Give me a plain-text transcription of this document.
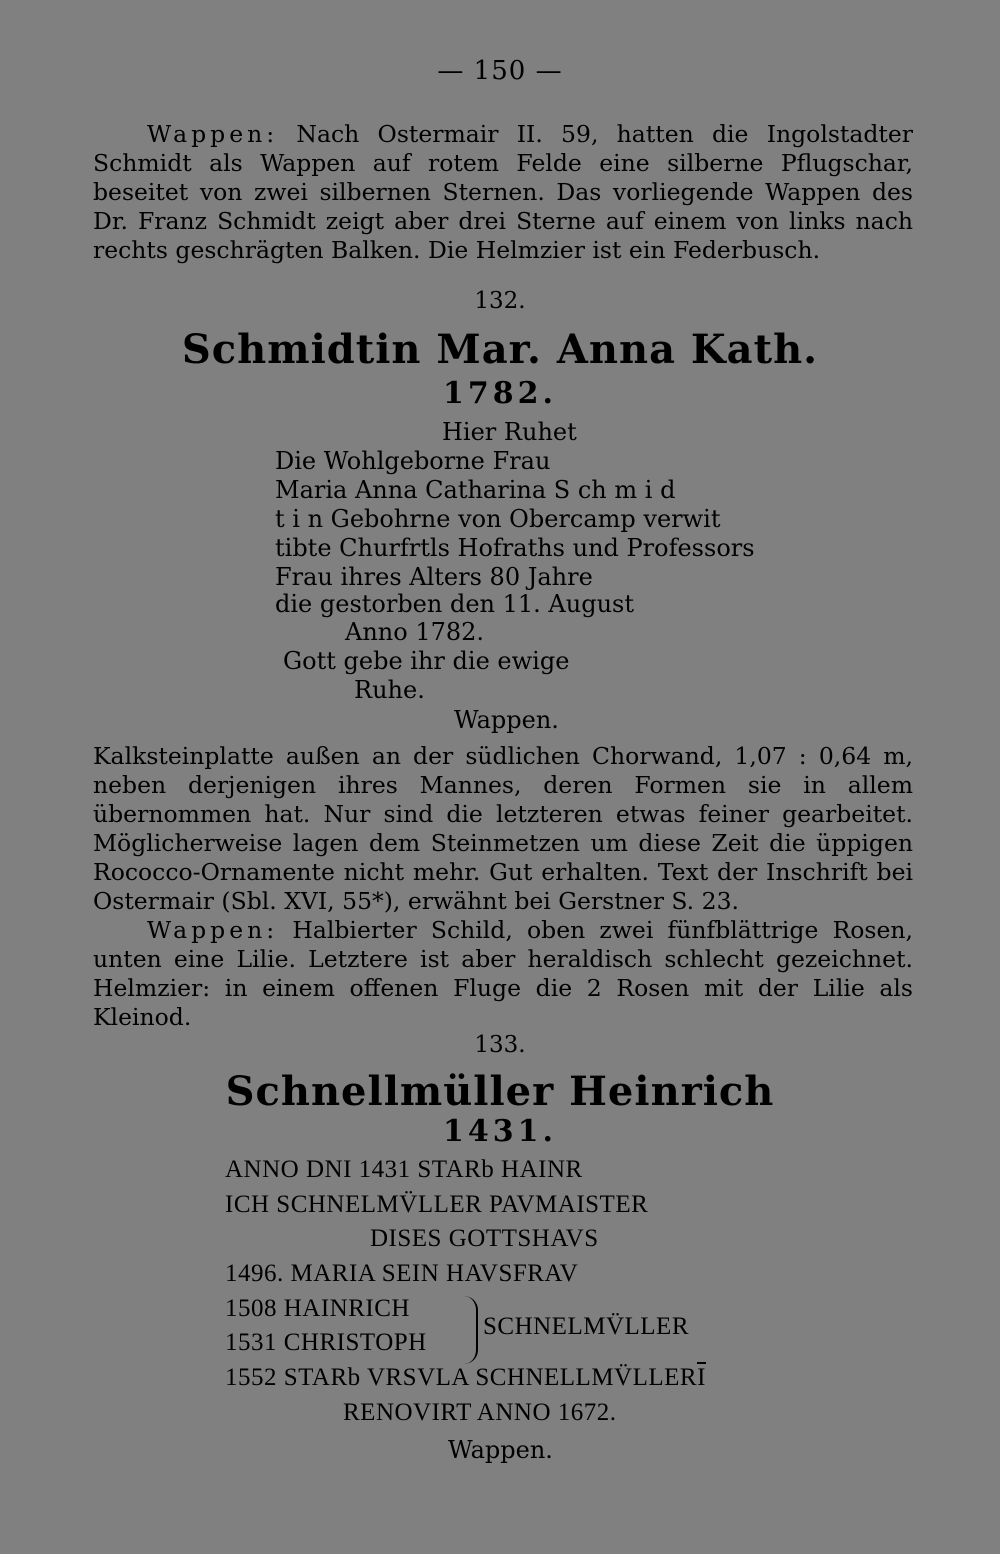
— 150 —

Wappen: Nach Ostermair II. 59, hatten die Ingolstadter Schmidt als Wappen auf rotem Felde eine silberne Pflugschar, beseitet von zwei silbernen Sternen. Das vorliegende Wappen des Dr. Franz Schmidt zeigt aber drei Sterne auf einem von links nach rechts geschrägten Balken. Die Helmzier ist ein Federbusch.

132.
Schmidtin Mar. Anna Kath.
1782.
Hier Ruhet
Die Wohlgeborne Frau
Maria Anna Catharina S ch m i d
t i n Gebohrne von Obercamp verwit
tibte Churfrtls Hofraths und Professors
Frau ihres Alters 80 Jahre
die gestorben den 11. August
Anno 1782.
Gott gebe ihr die ewige
Ruhe.
Wappen.

Kalksteinplatte außen an der südlichen Chorwand, 1,07 : 0,64 m, neben derjenigen ihres Mannes, deren Formen sie in allem übernommen hat. Nur sind die letzteren etwas feiner gearbeitet. Möglicherweise lagen dem Steinmetzen um diese Zeit die üppigen Rococco-Ornamente nicht mehr. Gut erhalten. Text der Inschrift bei Ostermair (Sbl. XVI, 55*), erwähnt bei Gerstner S. 23.

Wappen: Halbierter Schild, oben zwei fünfblättrige Rosen, unten eine Lilie. Letztere ist aber heraldisch schlecht gezeichnet. Helmzier: in einem offenen Fluge die 2 Rosen mit der Lilie als Kleinod.

133.
Schnellmüller Heinrich
1431.
ANNO DNI 1431 STARb HAINR
ICH SCHNELMV̈LLER PAVMAISTER
DISES GOTTSHAVS
1496. MARIA SEIN HAVSFRAV
1508 HAINRICH
1531 CHRISTOPH
SCHNELMV̈LLER
1552 STARb VRSVLA SCHNELLMV̈LLERI
RENOVIRT ANNO 1672.
Wappen.
